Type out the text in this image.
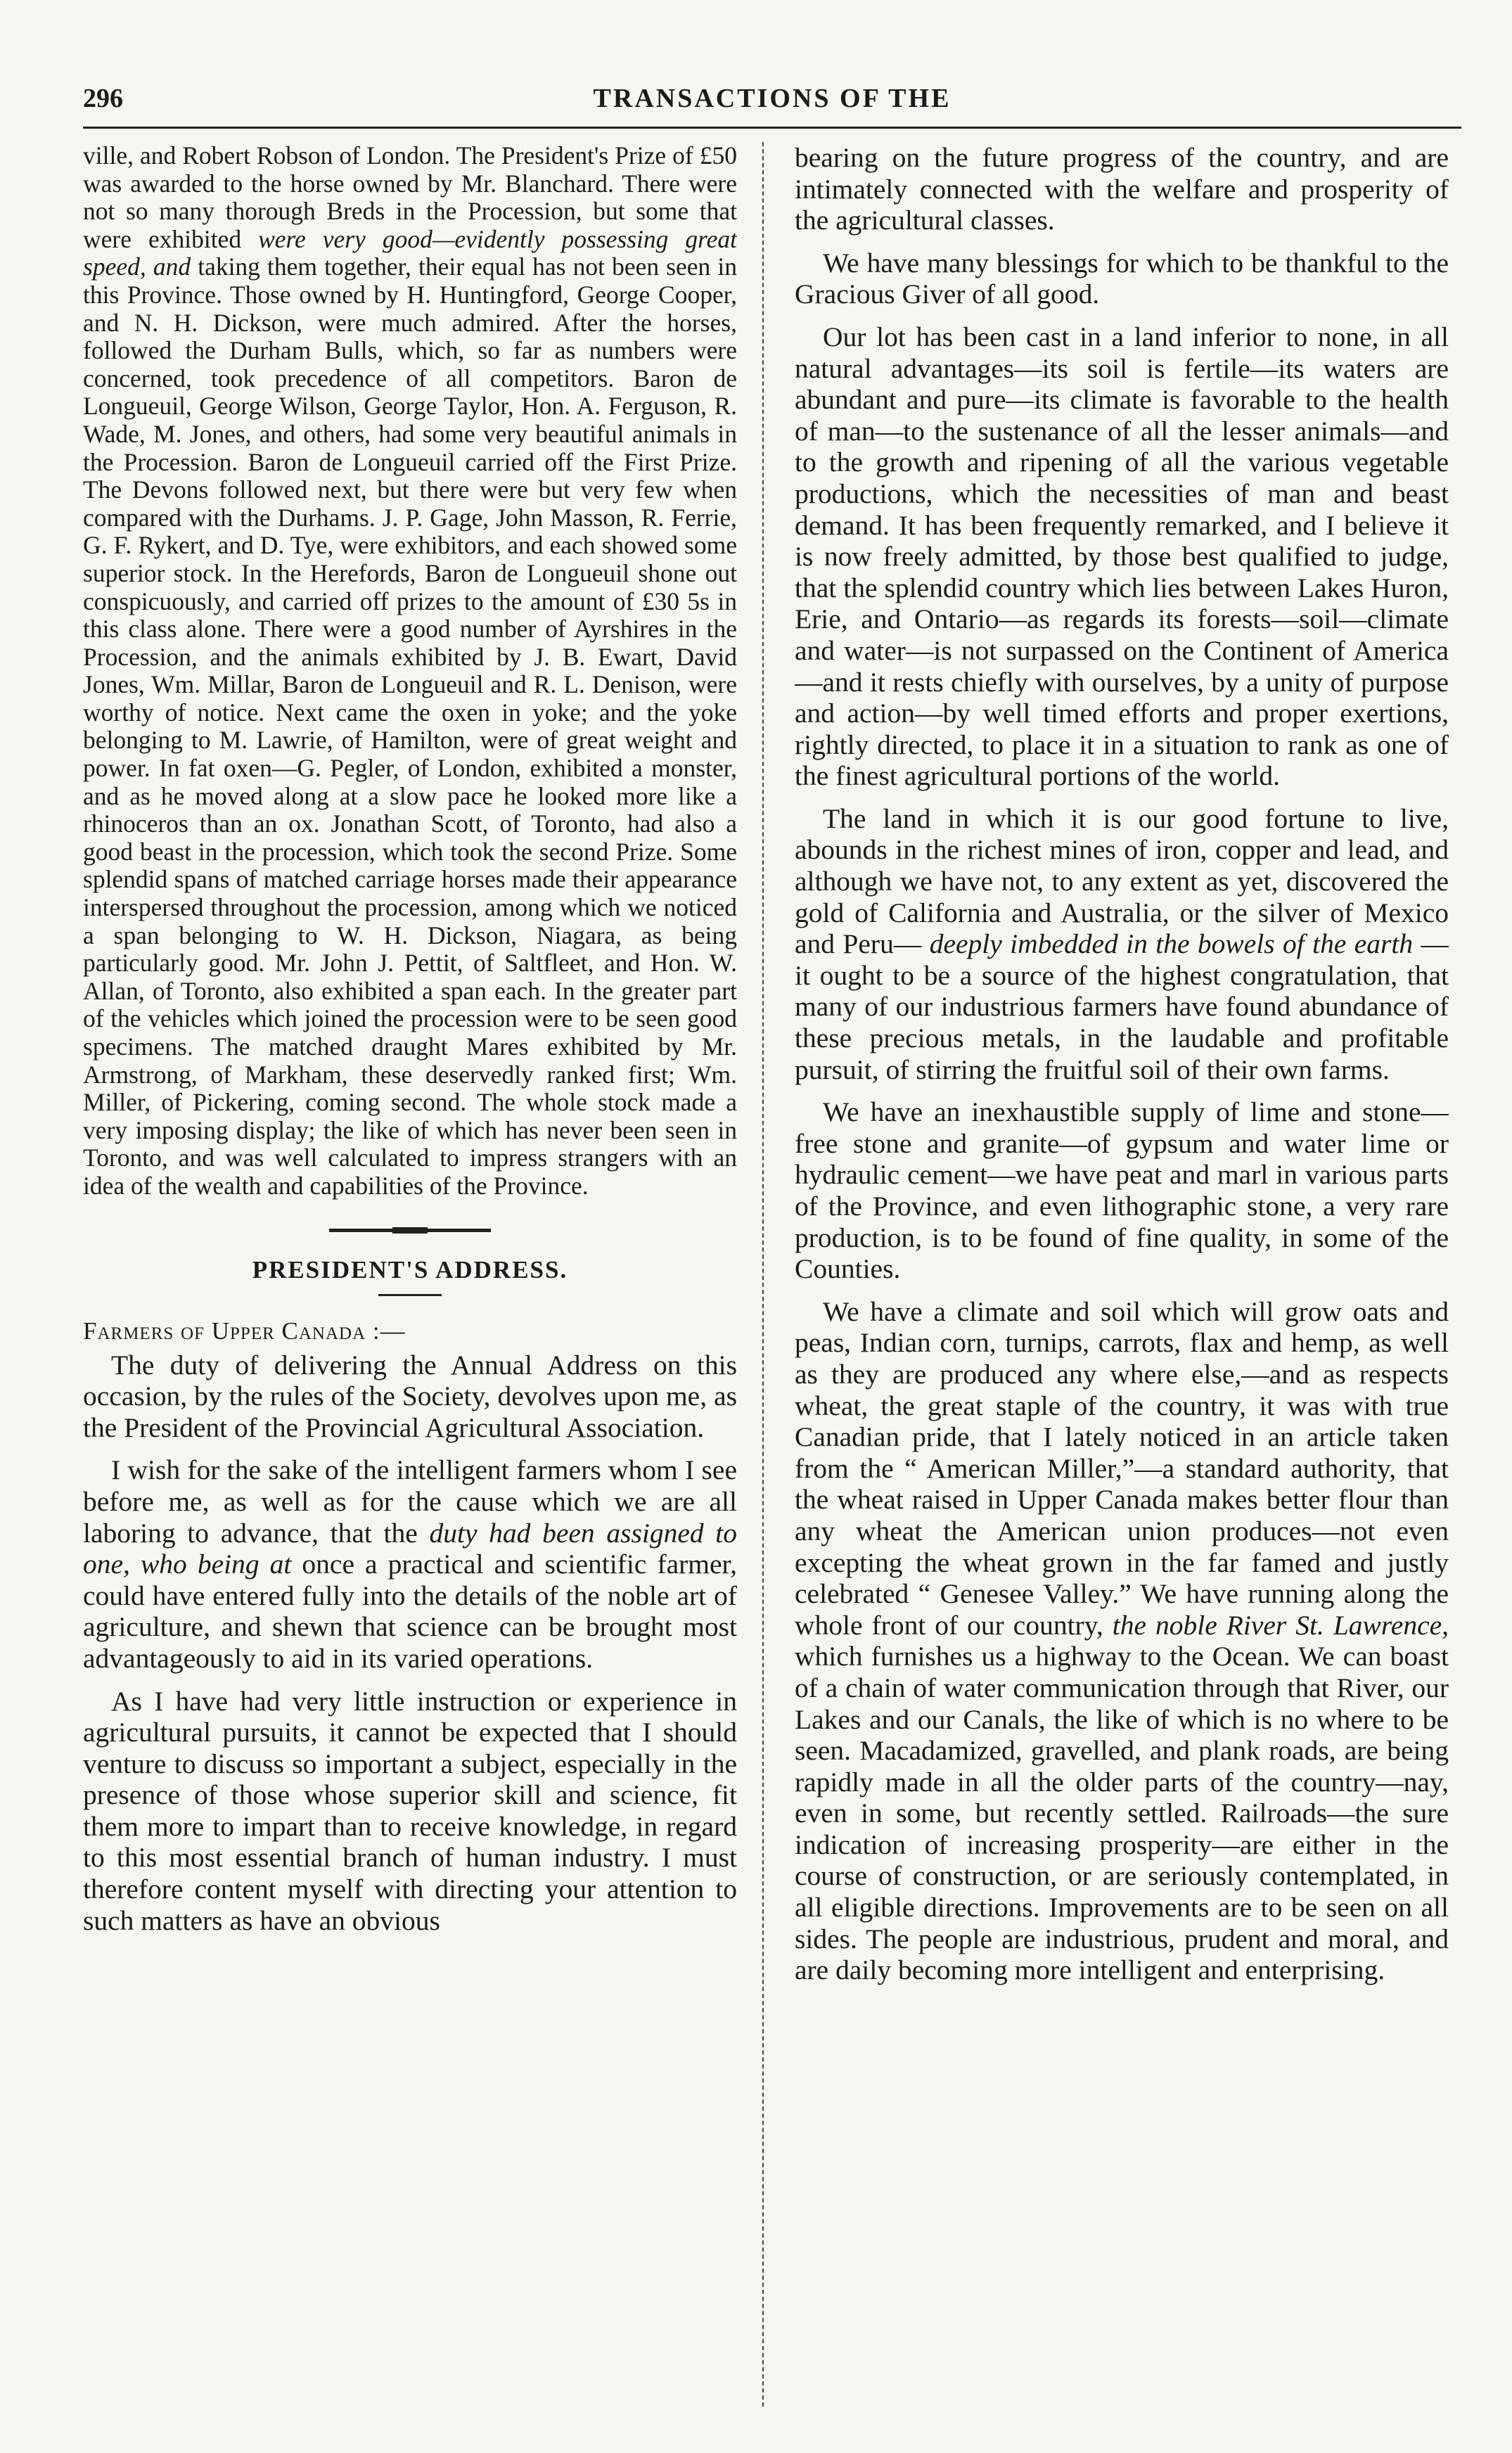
296	TRANSACTIONS OF THE

ville, and Robert Robson of London. The President's Prize of £50 was awarded to the horse owned by Mr. Blanchard. There were not so many thorough Breds in the Procession, but some that were exhibited were very good—evidently possessing great speed, and taking them together, their equal has not been seen in this Province. Those owned by H. Huntingford, George Cooper, and N. H. Dickson, were much admired. After the horses, followed the Durham Bulls, which, so far as numbers were concerned, took precedence of all competitors. Baron de Longueuil, George Wilson, George Taylor, Hon. A. Ferguson, R. Wade, M. Jones, and others, had some very beautiful animals in the Procession. Baron de Longueuil carried off the First Prize. The Devons followed next, but there were but very few when compared with the Durhams. J. P. Gage, John Masson, R. Ferrie, G. F. Rykert, and D. Tye, were exhibitors, and each showed some superior stock. In the Herefords, Baron de Longueuil shone out conspicuously, and carried off prizes to the amount of £30 5s in this class alone. There were a good number of Ayrshires in the Procession, and the animals exhibited by J. B. Ewart, David Jones, Wm. Millar, Baron de Longueuil and R. L. Denison, were worthy of notice. Next came the oxen in yoke; and the yoke belonging to M. Lawrie, of Hamilton, were of great weight and power. In fat oxen—G. Pegler, of London, exhibited a monster, and as he moved along at a slow pace he looked more like a rhinoceros than an ox. Jonathan Scott, of Toronto, had also a good beast in the procession, which took the second Prize. Some splendid spans of matched carriage horses made their appearance interspersed throughout the procession, among which we noticed a span belonging to W. H. Dickson, Niagara, as being particularly good. Mr. John J. Pettit, of Saltfleet, and Hon. W. Allan, of Toronto, also exhibited a span each. In the greater part of the vehicles which joined the procession were to be seen good specimens. The matched draught Mares exhibited by Mr. Armstrong, of Markham, these deservedly ranked first; Wm. Miller, of Pickering, coming second. The whole stock made a very imposing display; the like of which has never been seen in Toronto, and was well calculated to impress strangers with an idea of the wealth and capabilities of the Province.

PRESIDENT'S ADDRESS.
Farmers of Upper Canada :—

The duty of delivering the Annual Address on this occasion, by the rules of the Society, devolves upon me, as the President of the Provincial Agricultural Association.

I wish for the sake of the intelligent farmers whom I see before me, as well as for the cause which we are all laboring to advance, that the duty had been assigned to one, who being at once a practical and scientific farmer, could have entered fully into the details of the noble art of agriculture, and shewn that science can be brought most advantageously to aid in its varied operations.

As I have had very little instruction or experience in agricultural pursuits, it cannot be expected that I should venture to discuss so important a subject, especially in the presence of those whose superior skill and science, fit them more to impart than to receive knowledge, in regard to this most essential branch of human industry. I must therefore content myself with directing your attention to such matters as have an obvious

bearing on the future progress of the country, and are intimately connected with the welfare and prosperity of the agricultural classes.

We have many blessings for which to be thankful to the Gracious Giver of all good.

Our lot has been cast in a land inferior to none, in all natural advantages—its soil is fertile—its waters are abundant and pure—its climate is favorable to the health of man—to the sustenance of all the lesser animals—and to the growth and ripening of all the various vegetable productions, which the necessities of man and beast demand. It has been frequently remarked, and I believe it is now freely admitted, by those best qualified to judge, that the splendid country which lies between Lakes Huron, Erie, and Ontario—as regards its forests—soil—climate and water—is not surpassed on the Continent of America—and it rests chiefly with ourselves, by a unity of purpose and action—by well timed efforts and proper exertions, rightly directed, to place it in a situation to rank as one of the finest agricultural portions of the world.

The land in which it is our good fortune to live, abounds in the richest mines of iron, copper and lead, and although we have not, to any extent as yet, discovered the gold of California and Australia, or the silver of Mexico and Peru— deeply imbedded in the bowels of the earth —it ought to be a source of the highest congratulation, that many of our industrious farmers have found abundance of these precious metals, in the laudable and profitable pursuit, of stirring the fruitful soil of their own farms.

We have an inexhaustible supply of lime and stone—free stone and granite—of gypsum and water lime or hydraulic cement—we have peat and marl in various parts of the Province, and even lithographic stone, a very rare production, is to be found of fine quality, in some of the Counties.

We have a climate and soil which will grow oats and peas, Indian corn, turnips, carrots, flax and hemp, as well as they are produced any where else,—and as respects wheat, the great staple of the country, it was with true Canadian pride, that I lately noticed in an article taken from the “ American Miller,”—a standard authority, that the wheat raised in Upper Canada makes better flour than any wheat the American union produces—not even excepting the wheat grown in the far famed and justly celebrated “ Genesee Valley.” We have running along the whole front of our country, the noble River St. Lawrence, which furnishes us a highway to the Ocean. We can boast of a chain of water communication through that River, our Lakes and our Canals, the like of which is no where to be seen. Macadamized, gravelled, and plank roads, are being rapidly made in all the older parts of the country—nay, even in some, but recently settled. Railroads—the sure indication of increasing prosperity—are either in the course of construction, or are seriously contemplated, in all eligible directions. Improvements are to be seen on all sides. The people are industrious, prudent and moral, and are daily becoming more intelligent and enterprising.
